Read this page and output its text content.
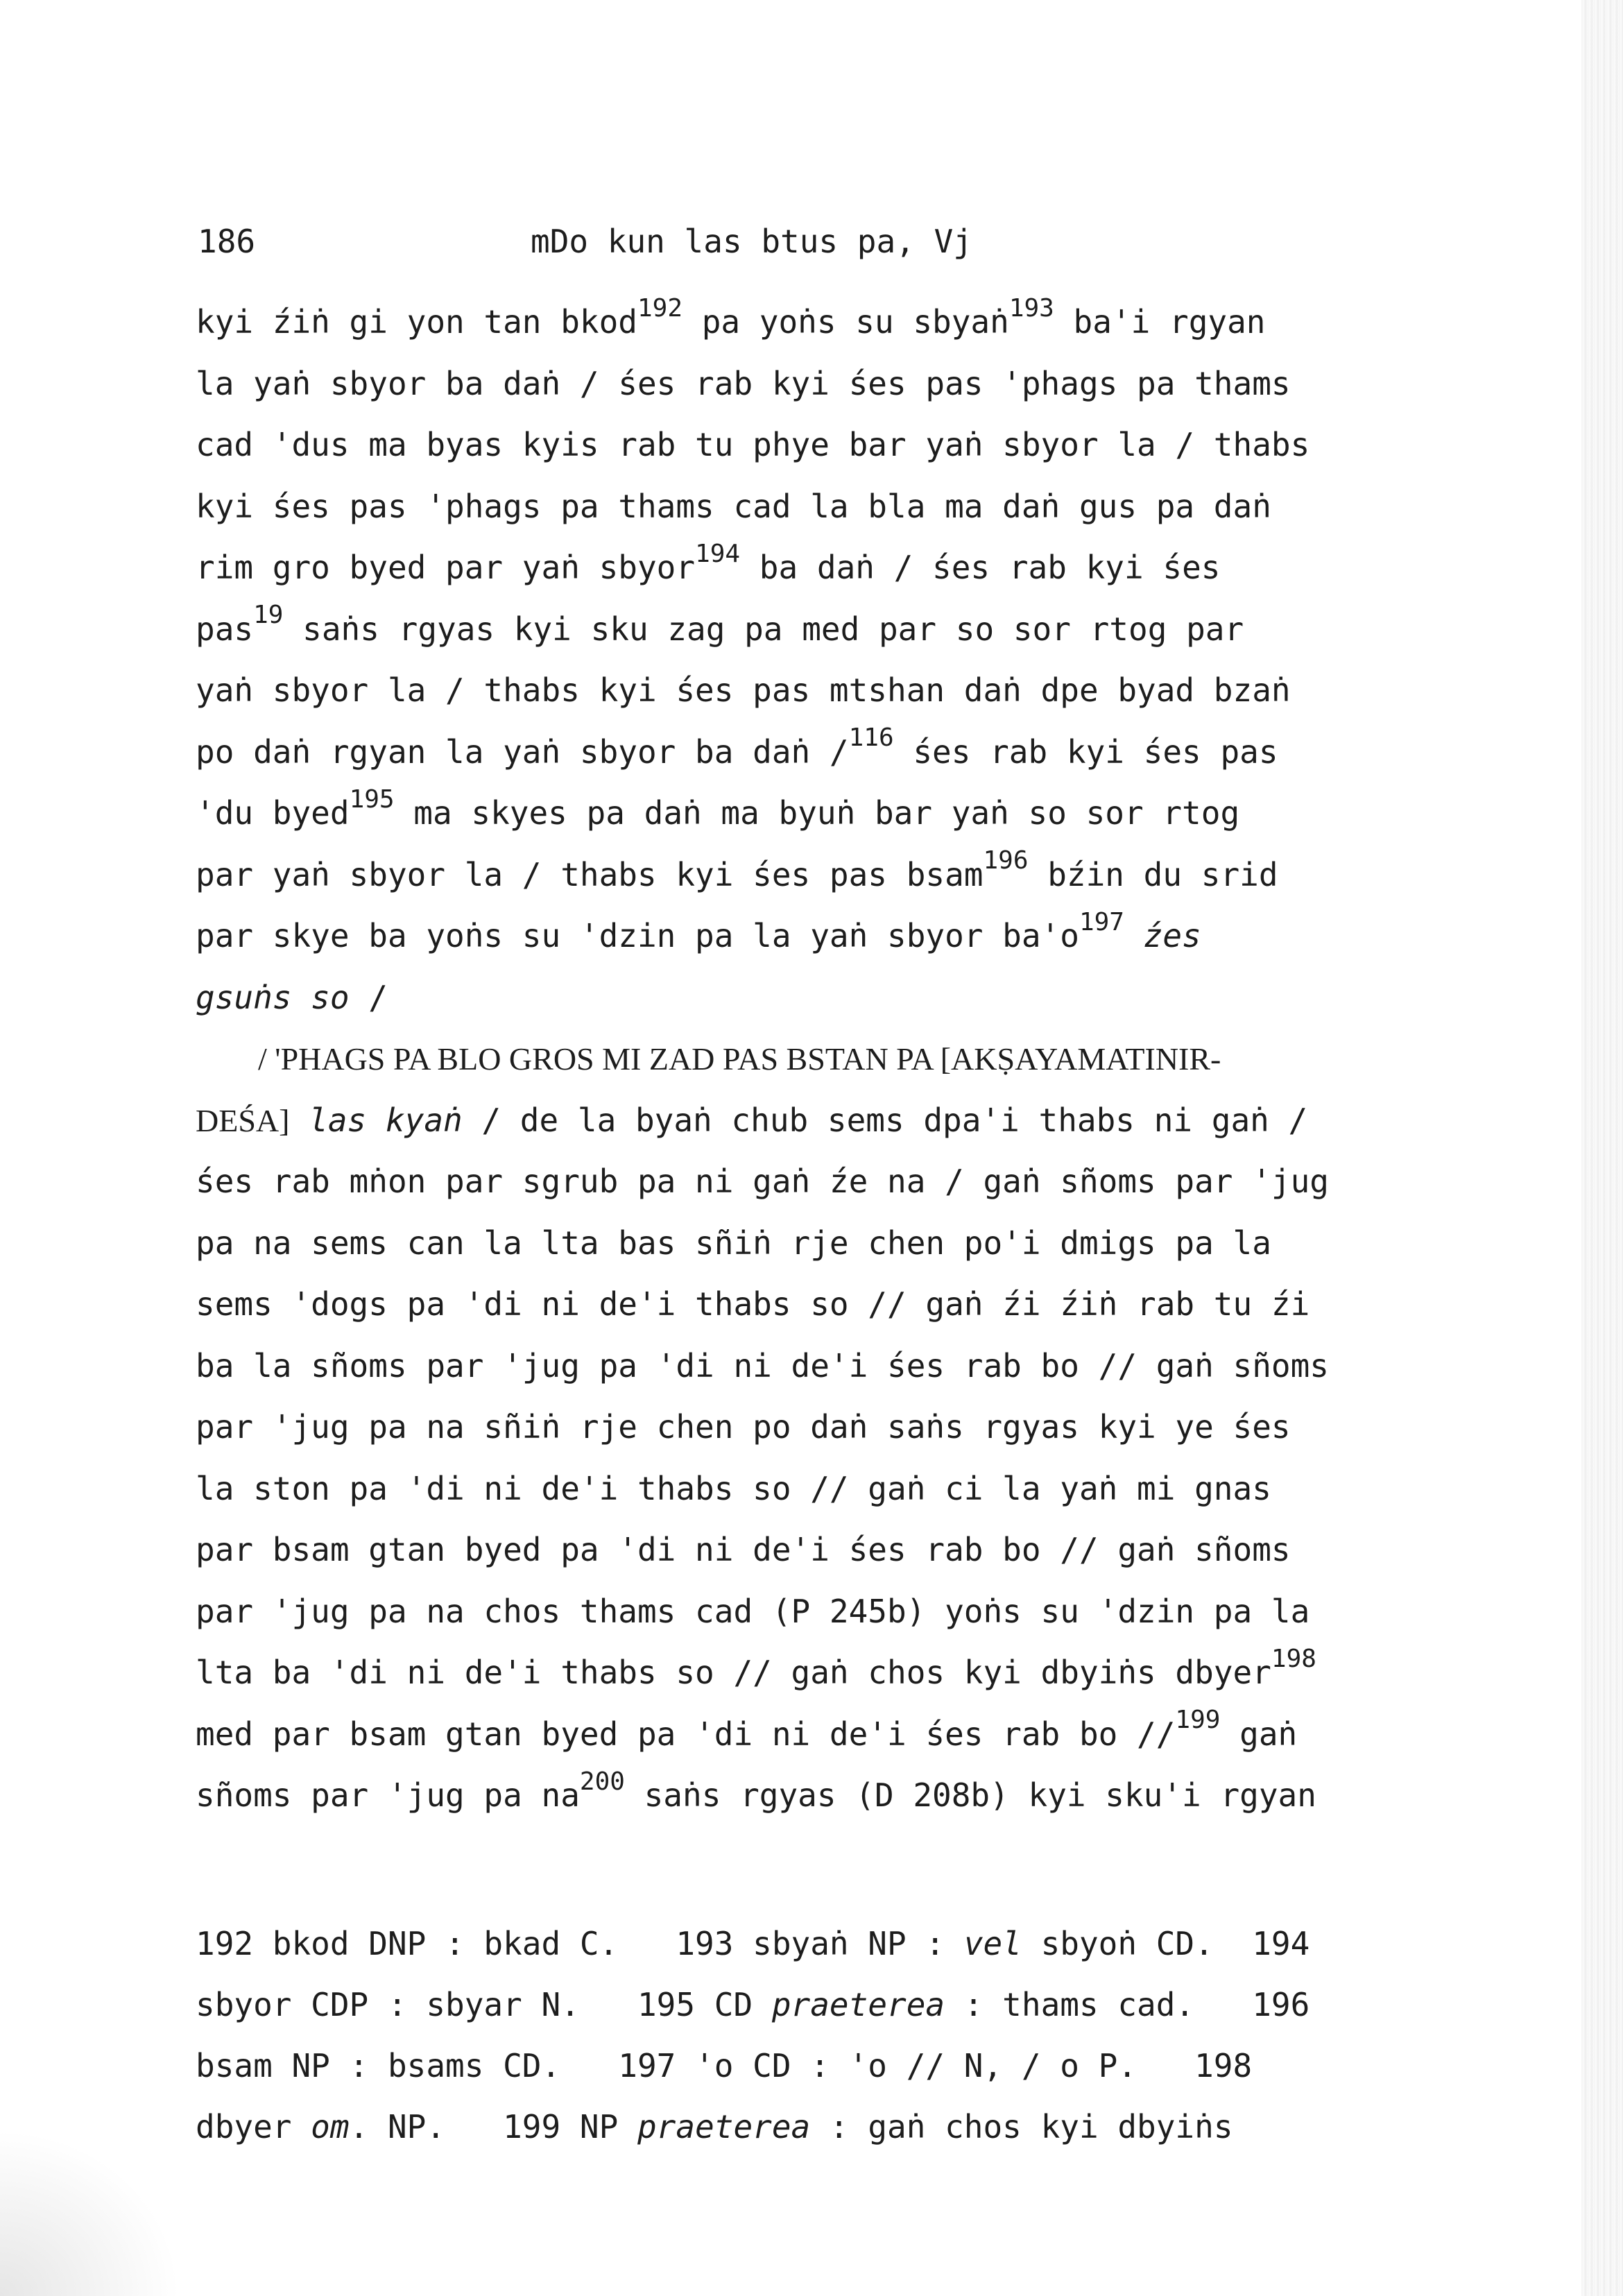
186

	mDo kun las btus pa, Vj

kyi źiṅ gi yon tan bkod$^{192}$ pa yoṅs su sbyaṅ$^{193}$ ba'i rgyan
la yaṅ sbyor ba daṅ / śes rab kyi śes pas 'phags pa thams
cad 'dus ma byas kyis rab tu phye bar yaṅ sbyor la / thabs
kyi śes pas 'phags pa thams cad la bla ma daṅ gus pa daṅ
rim gro byed par yaṅ sbyor$^{194}$ ba daṅ / śes rab kyi śes
pas$^{19}$ saṅs rgyas kyi sku zag pa med par so sor rtog par
yaṅ sbyor la / thabs kyi śes pas mtshan daṅ dpe byad bzaṅ
po daṅ rgyan la yaṅ sbyor ba daṅ /$^{116}$ śes rab kyi śes pas
'du byed$^{195}$ ma skyes pa daṅ ma byuṅ bar yaṅ so sor rtog
par yaṅ sbyor la / thabs kyi śes pas bsam$^{196}$ bźin du srid
par skye ba yoṅs su 'dzin pa la yaṅ sbyor $ba'o^{197}$ źes
gsuṅs so /
/ 'PHAGS PA BLO GROS MI ZAD PAS BSTAN PA [AKṢAYAMATINIR-
DEŚA] las kyaṅ / de la byaṅ chub sems dpa'i thabs ni gaṅ /
śes rab mṅon par sgrub pa ni gaṅ źe na / gaṅ sñoms par 'jug
pa na sems can la lta bas sñiṅ rje chen po'i dmigs pa la
sems 'dogs pa 'di ni de'i thabs so // gaṅ źi źiṅ rab tu źi
ba la sñoms par 'jug pa 'di ni de'i śes rab bo // gaṅ sñoms
par 'jug pa na sñiṅ rje chen po daṅ saṅs rgyas kyi ye śes
la ston pa 'di ni de'i thabs so // gaṅ ci la yaṅ mi gnas
par bsam gtan byed pa 'di ni de'i śes rab bo // gaṅ sñoms
par 'jug pa na chos thams cad (P 245b) yoṅs su 'dzin pa la
lta ba 'di ni de'i thabs so // gaṅ chos kyi dbyiṅs dbyer$^{198}$
med par bsam gtan byed pa 'di ni de'i śes rab bo //$^{199}$ gaṅ
sñoms par 'jug pa $na^{200}$ saṅs rgyas (D 208b) kyi sku'i rgyan
192 bkod DNP : bkad C.   193 sbyaṅ NP : vel sbyoṅ CD.  194
sbyor CDP : sbyar N.   195 CD praeterea : thams cad.   196
bsam NP : bsams CD.   197 'o CD : 'o // N, / o P.   198
dbyer om. NP.   199 NP praeterea : gaṅ chos kyi dbyiṅs
